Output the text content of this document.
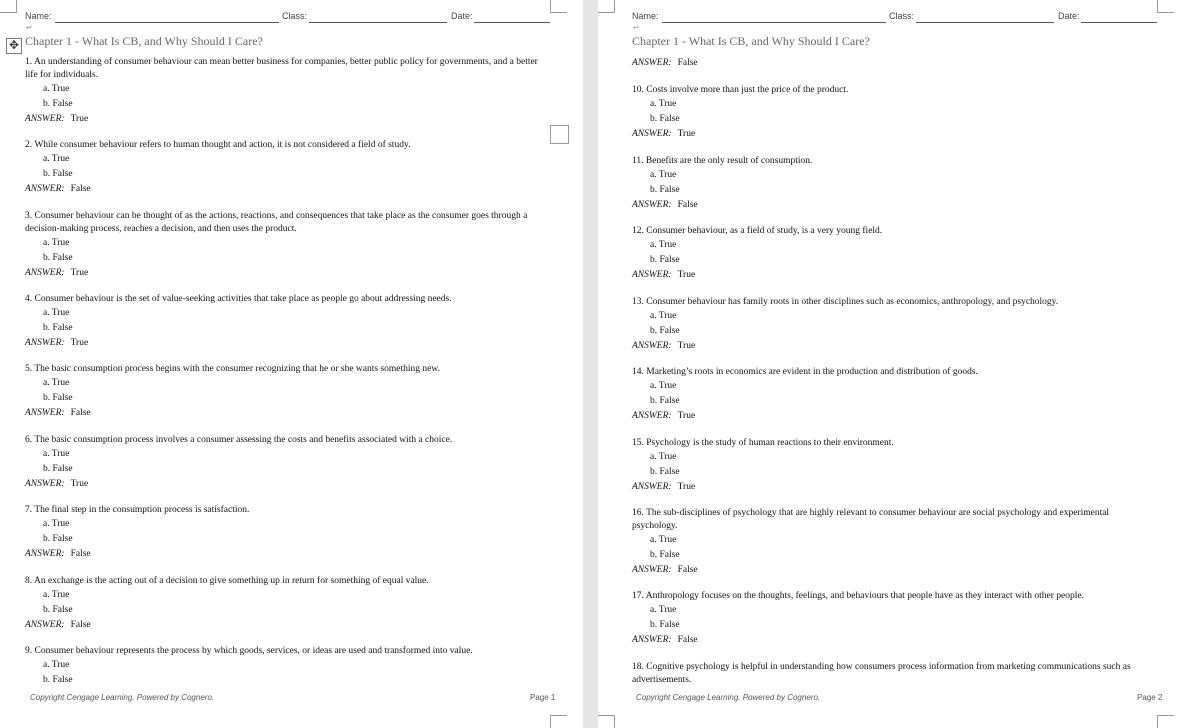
Name:	Class:	Date:
↵
✥ Chapter 1 - What Is CB, and Why Should I Care?
1. An understanding of consumer behaviour can mean better business for companies, better public policy for governments, and a better life for individuals.
a. True
b. False
ANSWER: True
2. While consumer behaviour refers to human thought and action, it is not considered a field of study.
a. True
b. False
ANSWER: False
3. Consumer behaviour can be thought of as the actions, reactions, and consequences that take place as the consumer goes through a decision-making process, reaches a decision, and then uses the product.
a. True
b. False
ANSWER: True
4. Consumer behaviour is the set of value-seeking activities that take place as people go about addressing needs.
a. True
b. False
ANSWER: True
5. The basic consumption process begins with the consumer recognizing that he or she wants something new.
a. True
b. False
ANSWER: False
6. The basic consumption process involves a consumer assessing the costs and benefits associated with a choice.
a. True
b. False
ANSWER: True
7. The final step in the consumption process is satisfaction.
a. True
b. False
ANSWER: False
8. An exchange is the acting out of a decision to give something up in return for something of equal value.
a. True
b. False
ANSWER: False
9. Consumer behaviour represents the process by which goods, services, or ideas are used and transformed into value.
a. True
b. False
Copyright Cengage Learning. Powered by Cognero.	Page 1
Name:	Class:	Date:
↵
Chapter 1 - What Is CB, and Why Should I Care?
ANSWER: False
10. Costs involve more than just the price of the product.
a. True
b. False
ANSWER: True
11. Benefits are the only result of consumption.
a. True
b. False
ANSWER: False
12. Consumer behaviour, as a field of study, is a very young field.
a. True
b. False
ANSWER: True
13. Consumer behaviour has family roots in other disciplines such as economics, anthropology, and psychology.
a. True
b. False
ANSWER: True
14. Marketing’s roots in economics are evident in the production and distribution of goods.
a. True
b. False
ANSWER: True
15. Psychology is the study of human reactions to their environment.
a. True
b. False
ANSWER: True
16. The sub-disciplines of psychology that are highly relevant to consumer behaviour are social psychology and experimental psychology.
a. True
b. False
ANSWER: False
17. Anthropology focuses on the thoughts, feelings, and behaviours that people have as they interact with other people.
a. True
b. False
ANSWER: False
18. Cognitive psychology is helpful in understanding how consumers process information from marketing communications such as advertisements.
Copyright Cengage Learning. Powered by Cognero.	Page 2
